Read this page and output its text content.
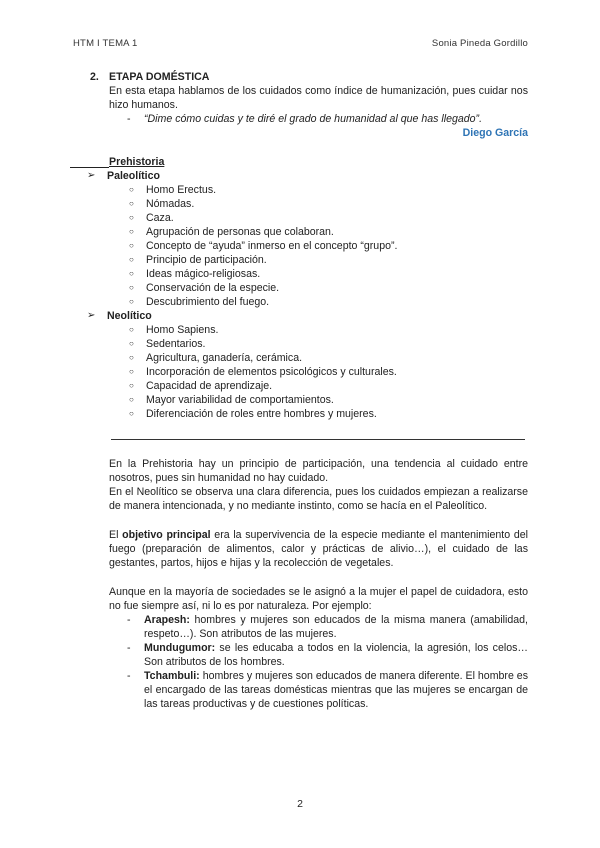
HTM I TEMA 1	Sonia Pineda Gordillo
2. ETAPA DOMÉSTICA
En esta etapa hablamos de los cuidados como índice de humanización, pues cuidar nos hizo humanos.
- “Dime cómo cuidas y te diré el grado de humanidad al que has llegado”.
Diego García
Prehistoria
➢ Paleolítico
○ Homo Erectus.
○ Nómadas.
○ Caza.
○ Agrupación de personas que colaboran.
○ Concepto de “ayuda” inmerso en el concepto “grupo”.
○ Principio de participación.
○ Ideas mágico-religiosas.
○ Conservación de la especie.
○ Descubrimiento del fuego.
➢ Neolítico
○ Homo Sapiens.
○ Sedentarios.
○ Agricultura, ganadería, cerámica.
○ Incorporación de elementos psicológicos y culturales.
○ Capacidad de aprendizaje.
○ Mayor variabilidad de comportamientos.
○ Diferenciación de roles entre hombres y mujeres.
En la Prehistoria hay un principio de participación, una tendencia al cuidado entre nosotros, pues sin humanidad no hay cuidado.
En el Neolítico se observa una clara diferencia, pues los cuidados empiezan a realizarse de manera intencionada, y no mediante instinto, como se hacía en el Paleolítico.
El objetivo principal era la supervivencia de la especie mediante el mantenimiento del fuego (preparación de alimentos, calor y prácticas de alivio…), el cuidado de las gestantes, partos, hijos e hijas y la recolección de vegetales.
Aunque en la mayoría de sociedades se le asignó a la mujer el papel de cuidadora, esto no fue siempre así, ni lo es por naturaleza. Por ejemplo:
- Arapesh: hombres y mujeres son educados de la misma manera (amabilidad, respeto…). Son atributos de las mujeres.
- Mundugumor: se les educaba a todos en la violencia, la agresión, los celos… Son atributos de los hombres.
- Tchambuli: hombres y mujeres son educados de manera diferente. El hombre es el encargado de las tareas domésticas mientras que las mujeres se encargan de las tareas productivas y de cuestiones políticas.
2
